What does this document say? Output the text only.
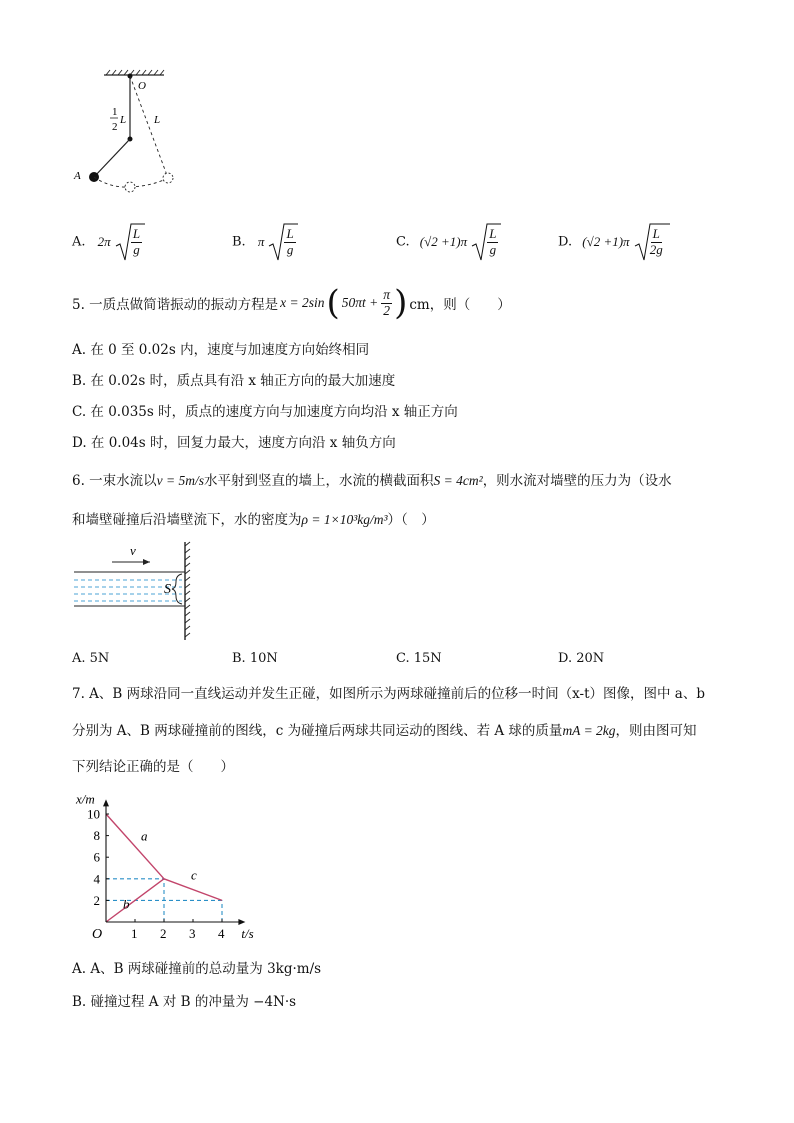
O
1
2
L	L
A
A. $2\pi \frac{L}{g}$	B. π $\frac{L}{g}$	C. $(√2 +1)\pi \frac{L}{g}$	D. $(√2 +1)\pi \frac{L}{2g}$
5. 一质点做简谐振动的振动方程是 x = 2sin ( $50\pi t + \frac{\pi}{2}$ ) cm，则（　　）
A. 在 0 至 0.02s 内，速度与加速度方向始终相同
B. 在 0.02s 时，质点具有沿 x 轴正方向的最大加速度
C. 在 0.035s 时，质点的速度方向与加速度方向均沿 x 轴正方向
D. 在 0.04s 时，回复力最大，速度方向沿 x 轴负方向
6. 一束水流以v = 5m/s水平射到竖直的墙上，水流的横截面积S = 4cm²，则水流对墙壁的压力为（设水
和墙壁碰撞后沿墙壁流下，水的密度为ρ = 1×10³kg/m³）（　）
v
S
A. 5N	B. 10N	C. 15N	D. 20N
7. A、B 两球沿同一直线运动并发生正碰，如图所示为两球碰撞前后的位移一时间（x-t）图像，图中 a、b
分别为 A、B 两球碰撞前的图线，c 为碰撞后两球共同运动的图线、若 A 球的质量mA = 2kg，则由图可知
下列结论正确的是（　　）
a
b
c
1 2 3 4
2
4
6
8
10
O	t/s
x/m
A. A、B 两球碰撞前的总动量为 3kg·m/s
B. 碰撞过程 A 对 B 的冲量为 −4N·s
